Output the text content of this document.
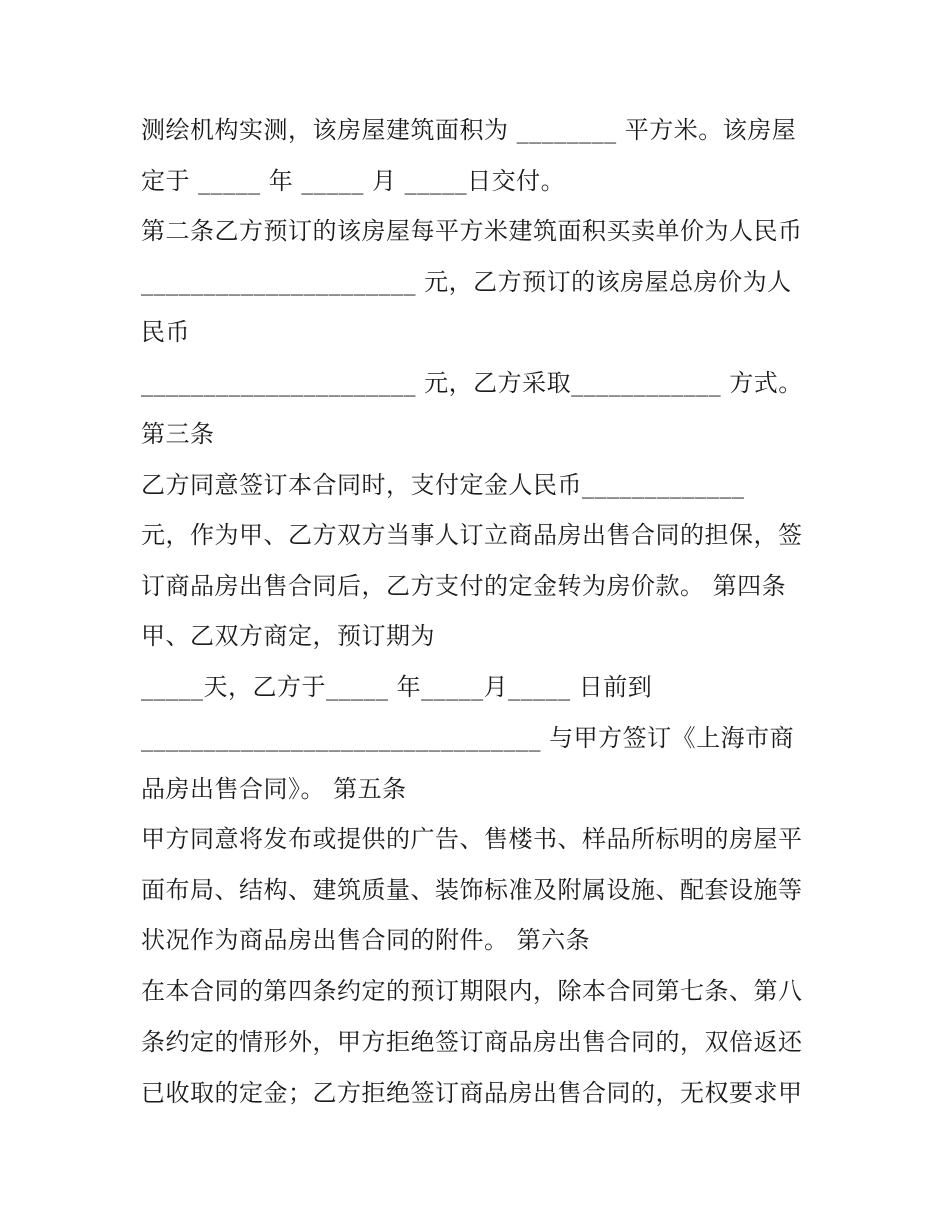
测绘机构实测，该房屋建筑面积为 ________ 平方米。该房屋
定于 _____ 年 _____ 月 _____日交付。
第二条乙方预订的该房屋每平方米建筑面积买卖单价为人民币
______________________ 元，乙方预订的该房屋总房价为人
民币
______________________ 元，乙方采取____________ 方式。
第三条
乙方同意签订本合同时，支付定金人民币_____________
元，作为甲、乙方双方当事人订立商品房出售合同的担保，签
订商品房出售合同后，乙方支付的定金转为房价款。 第四条
甲、乙双方商定，预订期为
_____天，乙方于_____ 年_____月_____ 日前到
________________________________ 与甲方签订《上海市商
品房出售合同》。 第五条
甲方同意将发布或提供的广告、售楼书、样品所标明的房屋平
面布局、结构、建筑质量、装饰标准及附属设施、配套设施等
状况作为商品房出售合同的附件。 第六条
在本合同的第四条约定的预订期限内，除本合同第七条、第八
条约定的情形外，甲方拒绝签订商品房出售合同的，双倍返还
已收取的定金；乙方拒绝签订商品房出售合同的，无权要求甲
